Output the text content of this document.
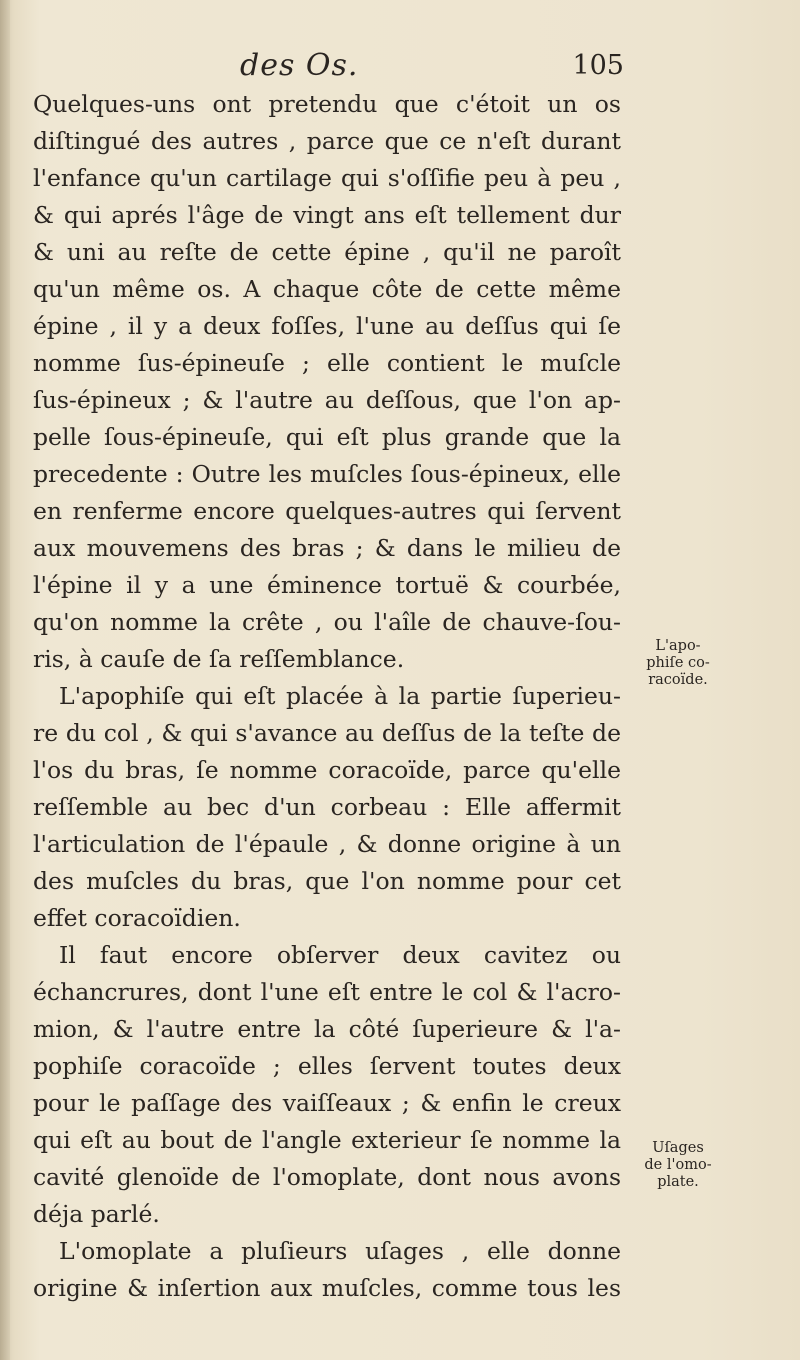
des Os.	105
Quelques-uns ont pretendu que c'étoit un os
diſtingué des autres , parce que ce n'eſt durant
l'enfance qu'un cartilage qui s'oſſifie peu à peu ,
& qui aprés l'âge de vingt ans eſt tellement dur
& uni au reſte de cette épine , qu'il ne paroît
qu'un même os. A chaque côte de cette même
épine , il y a deux foſſes, l'une au deſſus qui ſe
nomme ſus-épineuſe ; elle contient le muſcle
ſus-épineux ; & l'autre au deſſous, que l'on ap-
pelle ſous-épineuſe, qui eſt plus grande que la
precedente : Outre les muſcles ſous-épineux, elle
en renferme encore quelques-autres qui ſervent
aux mouvemens des bras ; & dans le milieu de
l'épine il y a une éminence tortuë & courbée,
qu'on nomme la crête , ou l'aîle de chauve-ſou-
ris, à cauſe de ſa reſſemblance.
L'apophiſe qui eſt placée à la partie ſuperieu-
re du col , & qui s'avance au deſſus de la teſte de
l'os du bras, ſe nomme coracoïde, parce qu'elle
reſſemble au bec d'un corbeau : Elle affermit
l'articulation de l'épaule , & donne origine à un
des muſcles du bras, que l'on nomme pour cet
effet coracoïdien.
Il faut encore obſerver deux cavitez ou
échancrures, dont l'une eſt entre le col & l'acro-
mion, & l'autre entre la côté ſuperieure & l'a-
pophiſe coracoïde ; elles ſervent toutes deux
pour le paſſage des vaiſſeaux ; & enfin le creux
qui eſt au bout de l'angle exterieur ſe nomme la
cavité glenoïde de l'omoplate, dont nous avons
déja parlé.
L'omoplate a pluſieurs uſages , elle donne
origine & inſertion aux muſcles, comme tous les
L'apo-
phiſe co-
racoïde.
Uſages
de l'omo-
plate.
